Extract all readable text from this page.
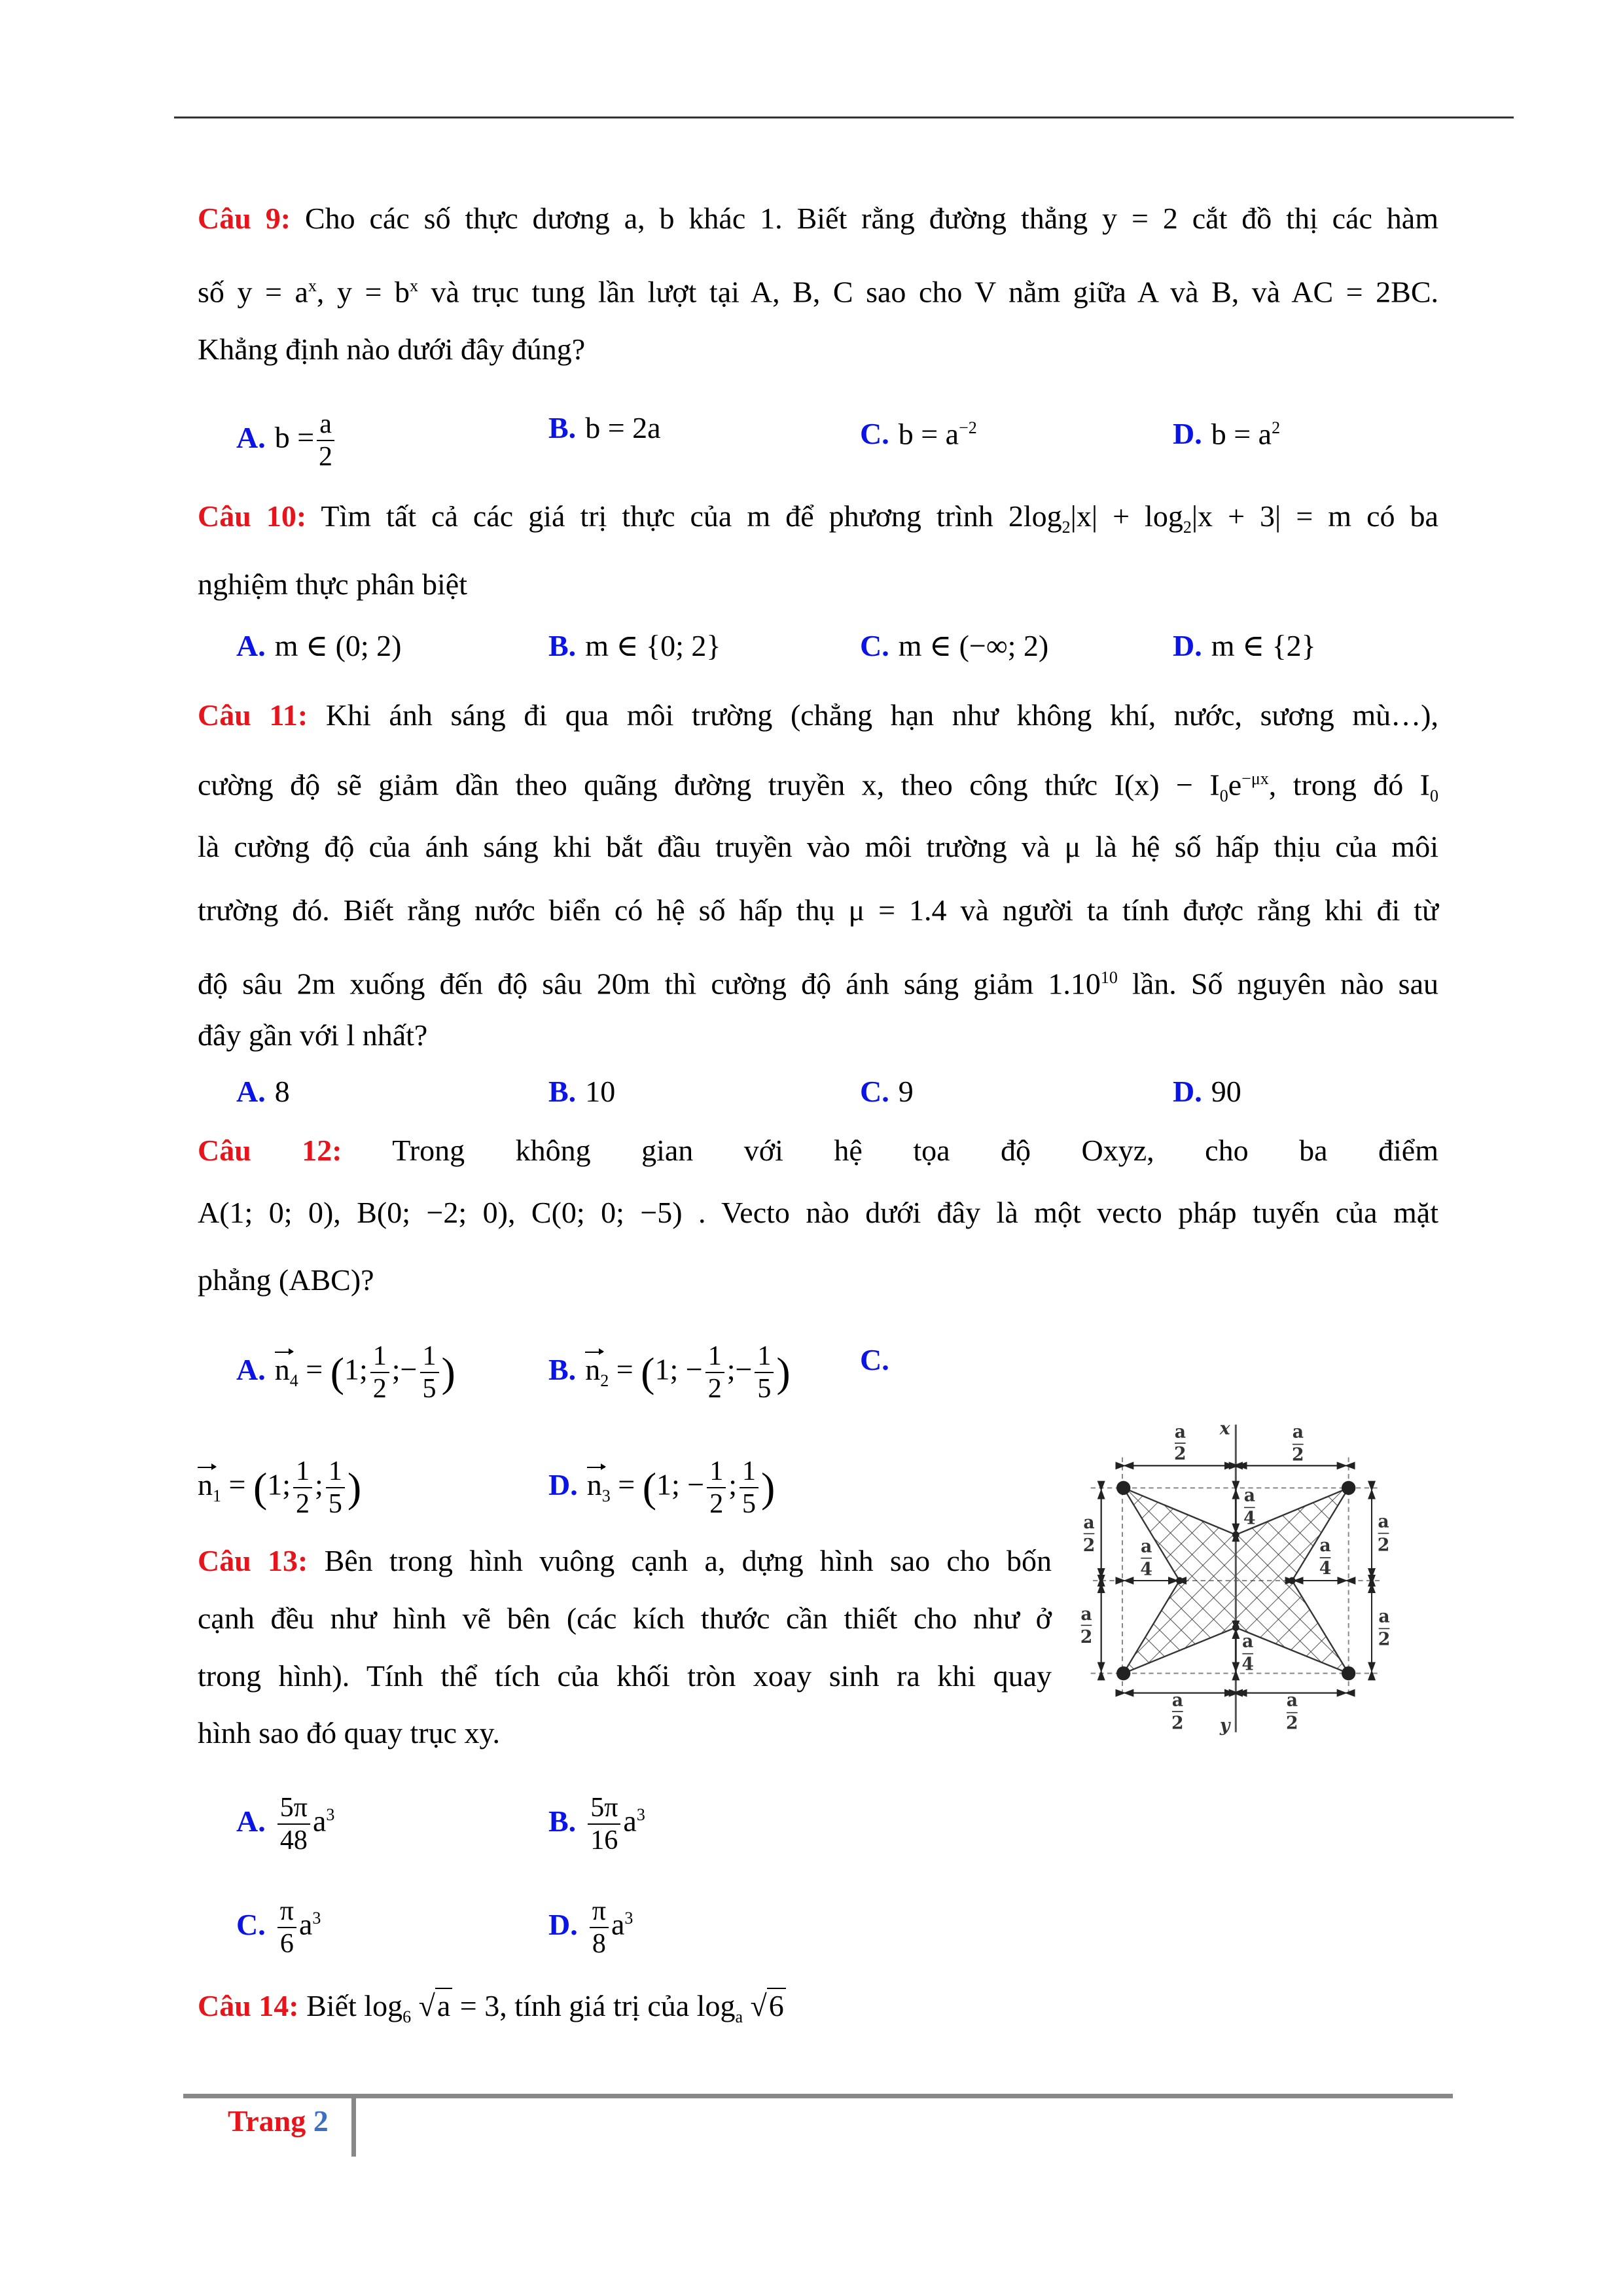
Câu 9: Cho các số thực dương a, b khác 1. Biết rằng đường thẳng y = 2 cắt đồ thị các hàm
số $y = a^x$, $y = b^x$ và trục tung lần lượt tại A, B, C sao cho V nằm giữa A và B, và AC = 2BC.
Khẳng định nào dưới đây đúng?
A. $b = \frac{a}{2}$	B. b = 2a	C. $b = a^{-2}$	D. $b = a^2$
Câu 10: Tìm tất cả các giá trị thực của m để phương trình $2\log_2|x| + \log_2|x + 3| = m$ có ba
nghiệm thực phân biệt
A. m ∈ (0; 2)	B. m ∈ {0; 2}	C. m ∈ (−∞; 2)	D. m ∈ {2}
Câu 11: Khi ánh sáng đi qua môi trường (chẳng hạn như không khí, nước, sương mù…),
cường độ sẽ giảm dần theo quãng đường truyền x, theo công thức $I(x) - I_0e^{-\mu x}$, trong đó $I_0$
là cường độ của ánh sáng khi bắt đầu truyền vào môi trường và μ là hệ số hấp thịu của môi
trường đó. Biết rằng nước biển có hệ số hấp thụ μ = 1.4 và người ta tính được rằng khi đi từ
độ sâu 2m xuống đến độ sâu 20m thì cường độ ánh sáng giảm 1.10$^{10}$ lần. Số nguyên nào sau
đây gần với l nhất?
A. 8	B. 10	C. 9	D. 90
Câu 12: Trong không gian với hệ tọa độ Oxyz, cho ba điểm
A(1; 0; 0), B(0; −2; 0), C(0; 0; −5) . Vecto nào dưới đây là một vecto pháp tuyến của mặt
phẳng (ABC)?
A. $n_4 = (1$; $\frac{1}{2}$ ;− $\frac{1}{5}$ )	B. $n_2 = (1$; − $\frac{1}{2}$ ;− $\frac{1}{5}$ ) C.
$n_1 = (1$; $\frac{1}{2}$ ; $\frac{1}{5}$ )	D. $n_3 = (1$; − $\frac{1}{2}$ ; $\frac{1}{5}$ )
Câu 13: Bên trong hình vuông cạnh a, dựng hình sao cho bốn
cạnh đều như hình vẽ bên (các kích thước cần thiết cho như ở
trong hình). Tính thể tích của khối tròn xoay sinh ra khi quay
hình sao đó quay trục xy.
A. $\frac{5\pi}{48} a^3$	B. $\frac{5\pi}{16} a^3$
C. $\frac{\pi}{6} a^3$	D. $\frac{\pi}{8} a^3$
x
y
a
2
a
2
a
2
a
2
a
2
a
2
a
2
a
2
a
4
a
4
a
4
a
4
Câu 14: Biết $\log_6 √a = 3$, tính giá trị của $\log_a √6$
Trang 2
